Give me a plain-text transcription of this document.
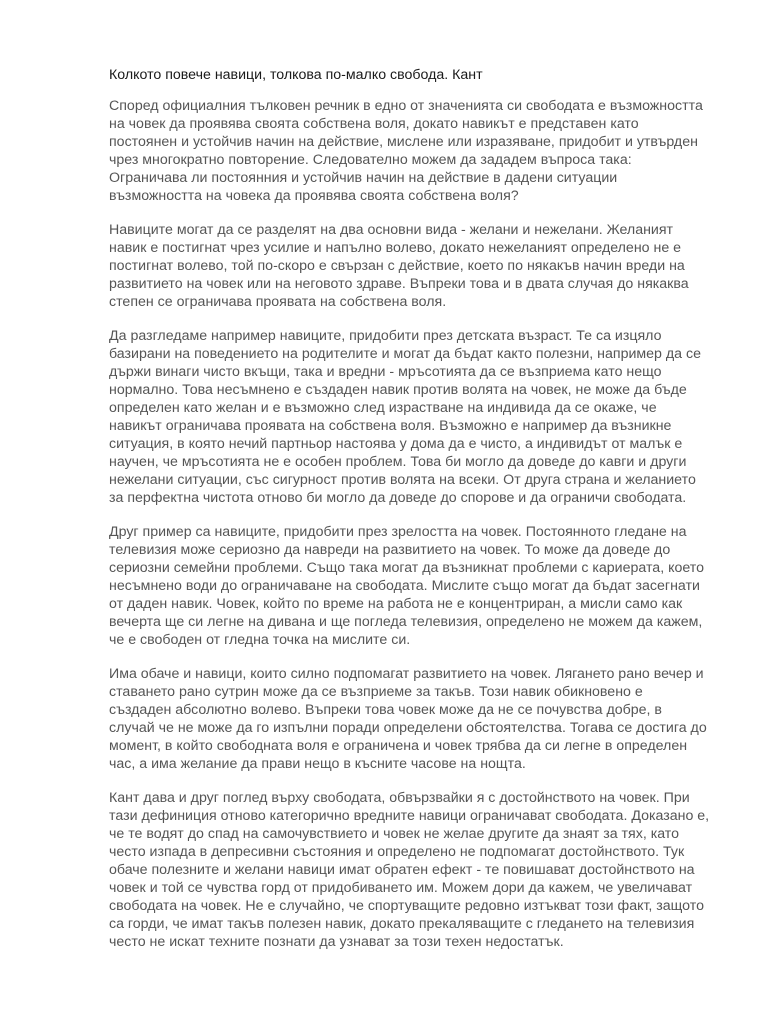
Колкото повече навици, толкова по-малко свобода. Кант
Според официалния тълковен речник в едно от значенията си свободата е възможността
на човек да проявява своята собствена воля, докато навикът е представен като
постоянен и устойчив начин на действие, мислене или изразяване, придобит и утвърден
чрез многократно повторение. Следователно можем да зададем въпроса така:
Ограничава ли постоянния и устойчив начин на действие в дадени ситуации
възможността на човека да проявява своята собствена воля?
Навиците могат да се разделят на два основни вида - желани и нежелани. Желаният
навик е постигнат чрез усилие и напълно волево, докато нежеланият определено не е
постигнат волево, той по-скоро е свързан с действие, което по някакъв начин вреди на
развитието на човек или на неговото здраве. Въпреки това и в двата случая до някаква
степен се ограничава проявата на собствена воля.
Да разгледаме например навиците, придобити през детската възраст. Те са изцяло
базирани на поведението на родителите и могат да бъдат както полезни, например да се
държи винаги чисто вкъщи, така и вредни - мръсотията да се възприема като нещо
нормално. Това несъмнено е създаден навик против волята на човек, не може да бъде
определен като желан и е възможно след израстване на индивида да се окаже, че
навикът ограничава проявата на собствена воля. Възможно е например да възникне
ситуация, в която нечий партньор настоява у дома да е чисто, а индивидът от малък е
научен, че мръсотията не е особен проблем. Това би могло да доведе до кавги и други
нежелани ситуации, със сигурност против волята на всеки. От друга страна и желанието
за перфектна чистота отново би могло да доведе до спорове и да ограничи свободата.
Друг пример са навиците, придобити през зрелостта на човек. Постоянното гледане на
телевизия може сериозно да навреди на развитието на човек. То може да доведе до
сериозни семейни проблеми. Също така могат да възникнат проблеми с кариерата, което
несъмнено води до ограничаване на свободата. Мислите също могат да бъдат засегнати
от даден навик. Човек, който по време на работа не е концентриран, а мисли само как
вечерта ще си легне на дивана и ще погледа телевизия, определено не можем да кажем,
че е свободен от гледна точка на мислите си.
Има обаче и навици, които силно подпомагат развитието на човек. Лягането рано вечер и
ставането рано сутрин може да се възприеме за такъв. Този навик обикновено е
създаден абсолютно волево. Въпреки това човек може да не се почувства добре, в
случай че не може да го изпълни поради определени обстоятелства. Тогава се достига до
момент, в който свободната воля е ограничена и човек трябва да си легне в определен
час, а има желание да прави нещо в късните часове на нощта.
Кант дава и друг поглед върху свободата, обвързвайки я с достойнството на човек. При
тази дефиниция отново категорично вредните навици ограничават свободата. Доказано е,
че те водят до спад на самочувствието и човек не желае другите да знаят за тях, като
често изпада в депресивни състояния и определено не подпомагат достойнството. Тук
обаче полезните и желани навици имат обратен ефект - те повишават достойнството на
човек и той се чувства горд от придобиването им. Можем дори да кажем, че увеличават
свободата на човек. Не е случайно, че спортуващите редовно изтъкват този факт, защото
са горди, че имат такъв полезен навик, докато прекаляващите с гледането на телевизия
често не искат техните познати да узнават за този техен недостатък.
